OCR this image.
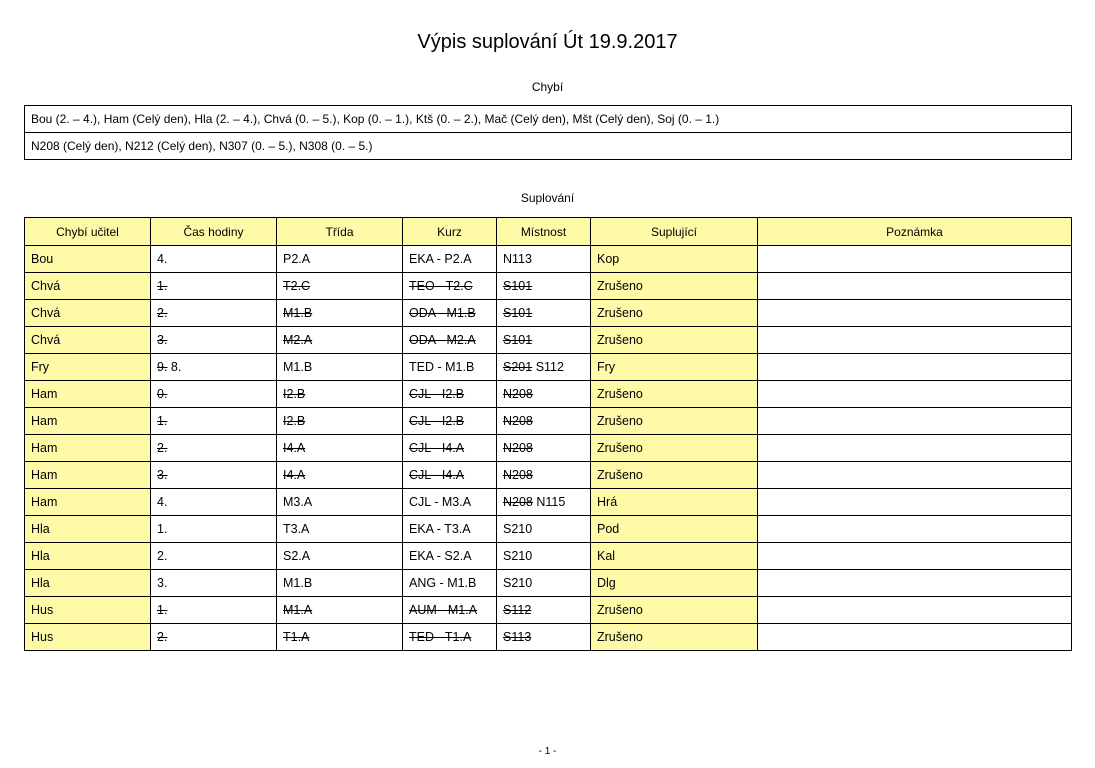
Výpis suplování Út 19.9.2017
Chybí
Bou (2. – 4.), Ham (Celý den), Hla (2. – 4.), Chvá (0. – 5.), Kop (0. – 1.), Ktš (0. – 2.), Mač (Celý den), Mšt (Celý den), Soj (0. – 1.)
N208 (Celý den), N212 (Celý den), N307 (0. – 5.), N308 (0. – 5.)
Suplování
Chybí učitel	Čas hodiny	Třída	Kurz	Místnost	Suplující	Poznámka
Bou	4.	P2.A	EKA - P2.A	N113	Kop	
Chvá	1.	T2.C	TEO - T2.C	S101	Zrušeno	
Chvá	2.	M1.B	ODA - M1.B	S101	Zrušeno	
Chvá	3.	M2.A	ODA - M2.A	S101	Zrušeno	
Fry	9. 8.	M1.B	TED - M1.B	S201 S112	Fry	
Ham	0.	I2.B	CJL - I2.B	N208	Zrušeno	
Ham	1.	I2.B	CJL - I2.B	N208	Zrušeno	
Ham	2.	I4.A	CJL - I4.A	N208	Zrušeno	
Ham	3.	I4.A	CJL - I4.A	N208	Zrušeno	
Ham	4.	M3.A	CJL - M3.A	N208 N115	Hrá	
Hla	1.	T3.A	EKA - T3.A	S210	Pod	
Hla	2.	S2.A	EKA - S2.A	S210	Kal	
Hla	3.	M1.B	ANG - M1.B	S210	Dlg	
Hus	1.	M1.A	AUM - M1.A	S112	Zrušeno	
Hus	2.	T1.A	TED - T1.A	S113	Zrušeno	
- 1 -
